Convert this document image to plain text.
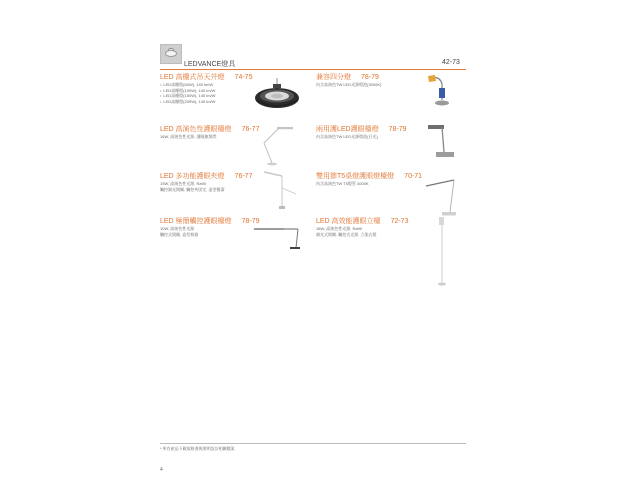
LEDVANCE燈具	42-73
LED 高棚式吊天井燈 74-75
• LED高棚燈(60W), 140 lm/W
• LED高棚燈(100W), 140 lm/W
• LED高棚燈(150W), 145 lm/W
• LED高棚燈(200W), 140 lm/W
LED 高演色性護眼檯燈 76-77
16W, 高演色性光源, 護眼無頻閃
LED 多功能護眼夾燈 76-77
15W, 高演色性光源, Ra90
觸控調光開關, 觸控夾固定, 造型簡潔
LED 極簡觸控護眼檯燈 78-79
10W, 高演色性光源
觸控式開關, 造型典雅
兼容四分燈 78-79
內含高演色TW LED光源燈泡(3000K)
兩用護LED護眼檯燈 78-79
內含高演色TW LED光源燈泡(日光)
雙用節T5桌燈護眼燈檯燈 70-71
內含高演色TW T5燈管 4000K
LED 高效能護眼立檯 72-73
18W, 高演色性光源, Ra90
調光式開關, 觸控式光源, 立架式燈
* 所有產品下載規格書與照明設計相關檔案
4
